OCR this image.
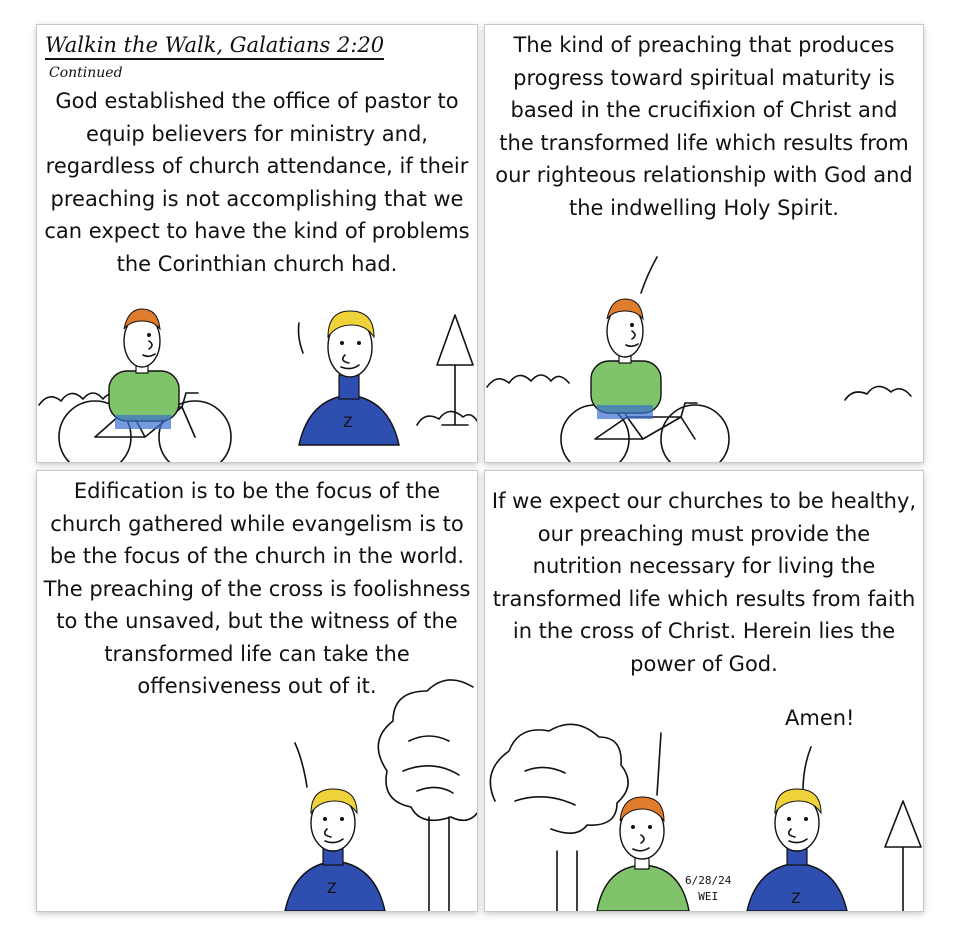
Walkin the Walk, Galatians 2:20
Continued
God established the office of pastor to equip believers for ministry and, regardless of church attendance, if their preaching is not accomplishing that we can expect to have the kind of problems the Corinthian church had.
Z
The kind of preaching that produces progress toward spiritual maturity is based in the crucifixion of Christ and the transformed life which results from our righteous relationship with God and the indwelling Holy Spirit.
Edification is to be the focus of the church gathered while evangelism is to be the focus of the church in the world. The preaching of the cross is foolishness to the unsaved, but the witness of the transformed life can take the offensiveness out of it.
Z
If we expect our churches to be healthy, our preaching must provide the nutrition necessary for living the transformed life which results from faith in the cross of Christ. Herein lies the power of God.
Amen!
6/28/24
WEI	Z
